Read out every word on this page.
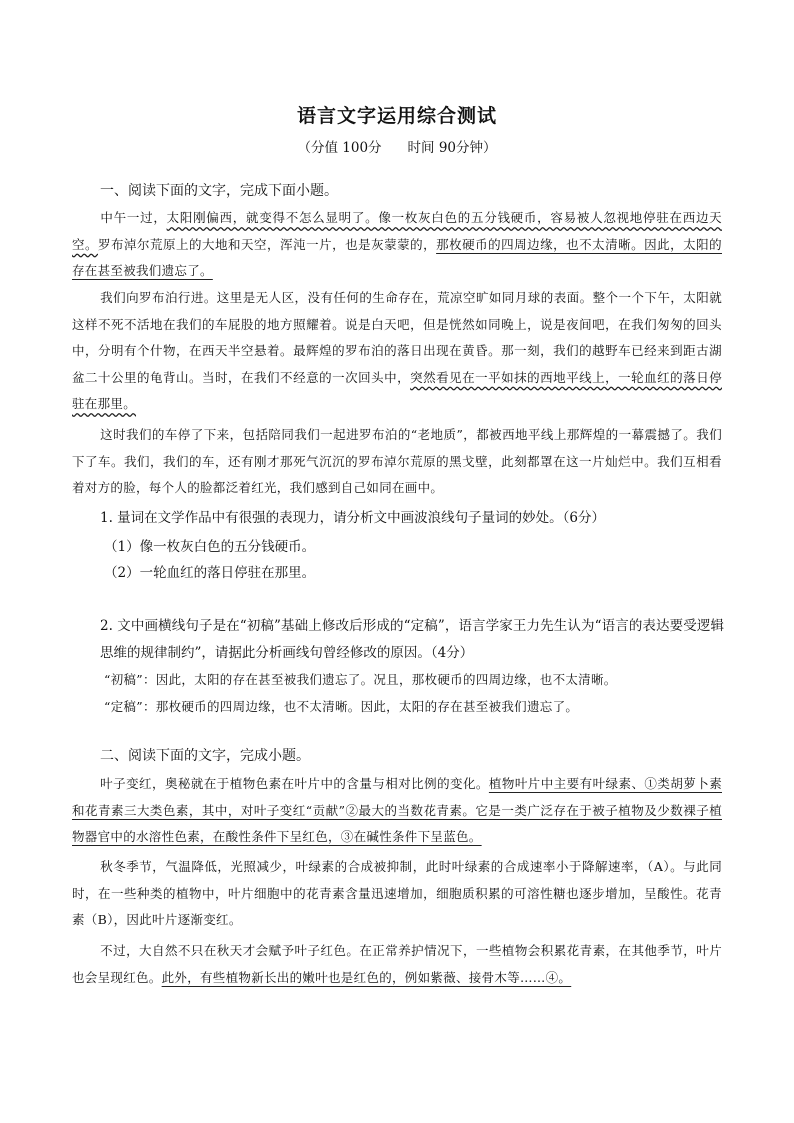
语言文字运用综合测试
（分值 100分 时间 90分钟）
一、阅读下面的文字，完成下面小题。
中午一过，太阳刚偏西，就变得不怎么显明了。像一枚灰白色的五分钱硬币，容易被人忽视地停驻在西边天空。罗布淖尔荒原上的大地和天空，浑沌一片，也是灰蒙蒙的，那枚硬币的四周边缘，也不太清晰。因此，太阳的存在甚至被我们遗忘了。
我们向罗布泊行进。这里是无人区，没有任何的生命存在，荒凉空旷如同月球的表面。整个一个下午，太阳就这样不死不活地在我们的车屁股的地方照耀着。说是白天吧，但是恍然如同晚上，说是夜间吧，在我们匆匆的回头中，分明有个什物，在西天半空悬着。最辉煌的罗布泊的落日出现在黄昏。那一刻，我们的越野车已经来到距古湖盆二十公里的龟背山。当时，在我们不经意的一次回头中，突然看见在一平如抹的西地平线上，一轮血红的落日停驻在那里。
这时我们的车停了下来，包括陪同我们一起进罗布泊的“老地质”，都被西地平线上那辉煌的一幕震撼了。我们下了车。我们，我们的车，还有刚才那死气沉沉的罗布淖尔荒原的黑戈壁，此刻都罩在这一片灿烂中。我们互相看着对方的脸，每个人的脸都泛着红光，我们感到自己如同在画中。
1. 量词在文学作品中有很强的表现力，请分析文中画波浪线句子量词的妙处。（6分）
（1）像一枚灰白色的五分钱硬币。
（2）一轮血红的落日停驻在那里。
2. 文中画横线句子是在“初稿”基础上修改后形成的“定稿”，语言学家王力先生认为“语言的表达要受逻辑思维的规律制约”，请据此分析画线句曾经修改的原因。（4分）
“初稿”：因此，太阳的存在甚至被我们遗忘了。况且，那枚硬币的四周边缘，也不太清晰。
“定稿”：那枚硬币的四周边缘，也不太清晰。因此，太阳的存在甚至被我们遗忘了。
二、阅读下面的文字，完成小题。
叶子变红，奥秘就在于植物色素在叶片中的含量与相对比例的变化。植物叶片中主要有叶绿素、①类胡萝卜素和花青素三大类色素，其中，对叶子变红“贡献”②最大的当数花青素。它是一类广泛存在于被子植物及少数裸子植物器官中的水溶性色素，在酸性条件下呈红色，③在碱性条件下呈蓝色。
秋冬季节，气温降低，光照减少，叶绿素的合成被抑制，此时叶绿素的合成速率小于降解速率，（A）。与此同时，在一些种类的植物中，叶片细胞中的花青素含量迅速增加，细胞质积累的可溶性糖也逐步增加，呈酸性。花青素（B），因此叶片逐渐变红。
不过，大自然不只在秋天才会赋予叶子红色。在正常养护情况下，一些植物会积累花青素，在其他季节，叶片也会呈现红色。此外，有些植物新长出的嫩叶也是红色的，例如紫薇、接骨木等……④。
